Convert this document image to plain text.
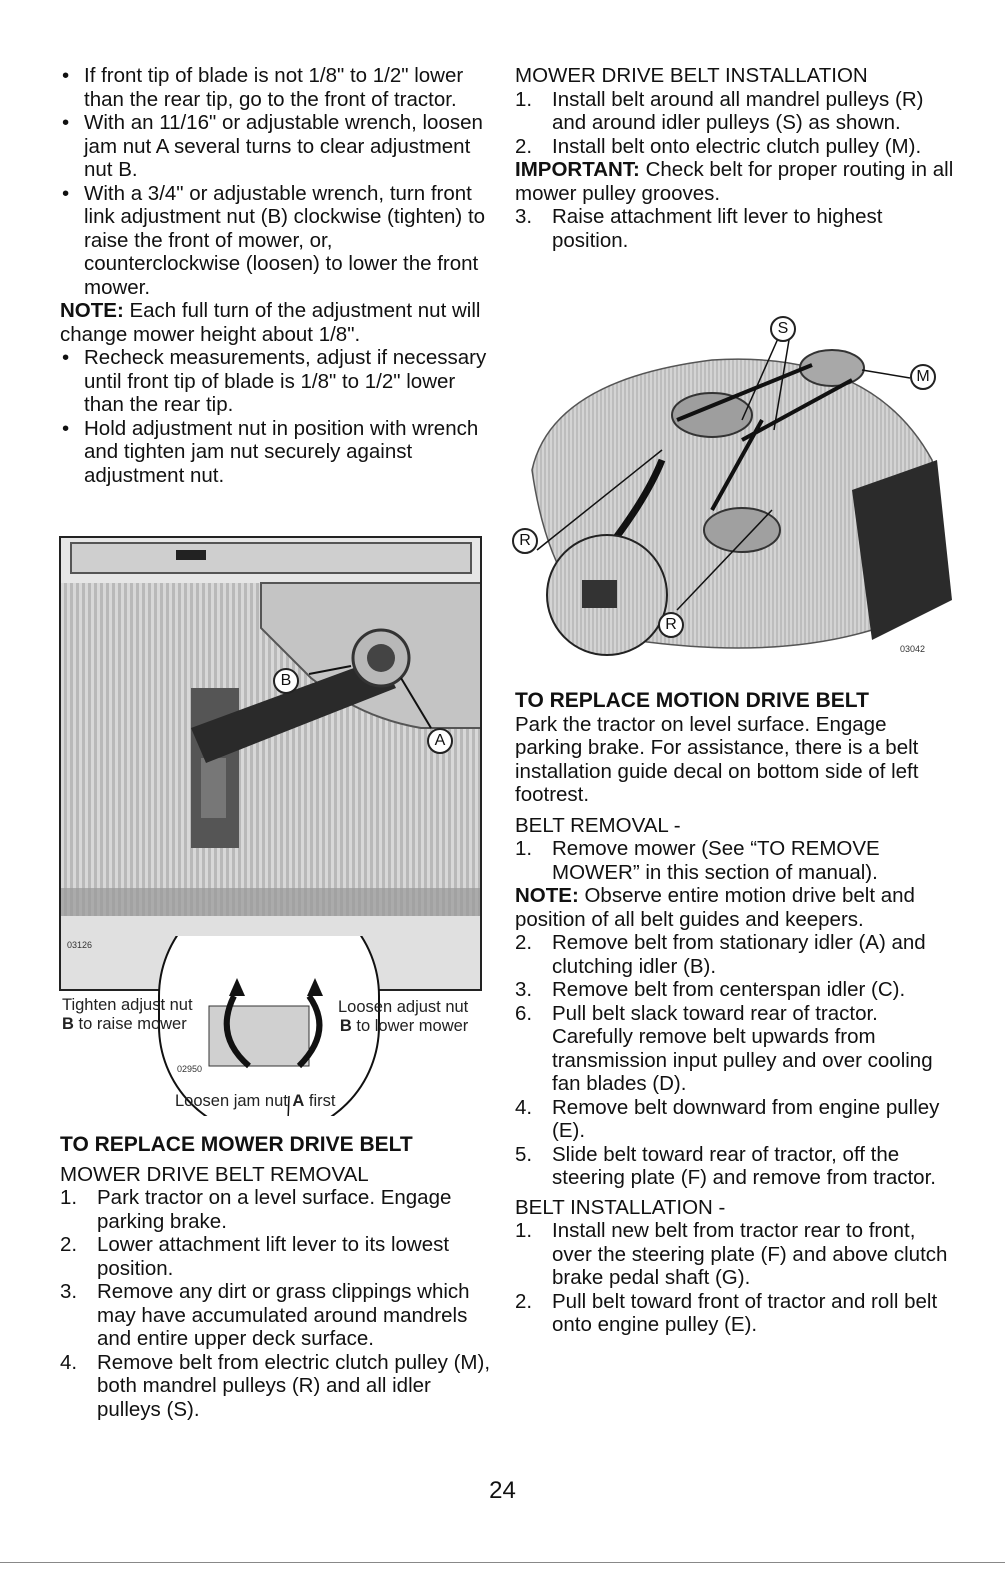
• If front tip of blade is not 1/8" to 1/2" lower than the rear tip, go to the front of tractor.
• With an 11/16" or adjustable wrench, loosen jam nut A several turns to clear adjustment nut B.
• With a 3/4" or adjustable wrench, turn front link adjustment nut (B) clockwise (tighten) to raise the front of mower, or, counterclockwise (loosen) to lower the front mower.

NOTE: Each full turn of the adjustment nut will change mower height about 1/8".

• Recheck measurements, adjust if necessary until front tip of blade is 1/8" to 1/2" lower than the rear tip.
• Hold adjustment nut in position with wrench and tighten jam nut securely against adjustment nut.
B
A
03126
02950
Tighten adjust nut
B to raise mower
Loosen adjust nut
B to lower mower
Loosen jam nut A first
TO REPLACE MOWER DRIVE BELT
MOWER DRIVE BELT REMOVAL
1. Park tractor on a level surface. Engage parking brake.
2. Lower attachment lift lever to its lowest position.
3. Remove any dirt or grass clippings which may have accumulated around mandrels and entire upper deck surface.
4. Remove belt from electric clutch pulley (M), both mandrel pulleys (R) and all idler pulleys (S).
MOWER DRIVE BELT INSTALLATION
1. Install belt around all mandrel pulleys (R) and around idler pulleys (S) as shown.
2. Install belt onto electric clutch pulley (M).

IMPORTANT: Check belt for proper routing in all mower pulley grooves.

3. Raise attachment lift lever to highest position.
S
M
R
R
03042
TO REPLACE MOTION DRIVE BELT

Park the tractor on level surface. Engage parking brake. For assistance, there is a belt installation guide decal on bottom side of left footrest.

BELT REMOVAL -
1. Remove mower (See “TO REMOVE MOWER” in this section of manual).

NOTE: Observe entire motion drive belt and position of all belt guides and keepers.

2. Remove belt from stationary idler (A) and clutching idler (B).
3. Remove belt from centerspan idler (C).
6. Pull belt slack toward rear of tractor. Carefully remove belt upwards from transmission input pulley and over cooling fan blades (D).
4. Remove belt downward from engine pulley (E).
5. Slide belt toward rear of tractor, off the steering plate (F) and remove from tractor.
BELT INSTALLATION -
1. Install new belt from tractor rear to front, over the steering plate (F) and above clutch brake pedal shaft (G).
2. Pull belt toward front of tractor and roll belt onto engine pulley (E).
24
